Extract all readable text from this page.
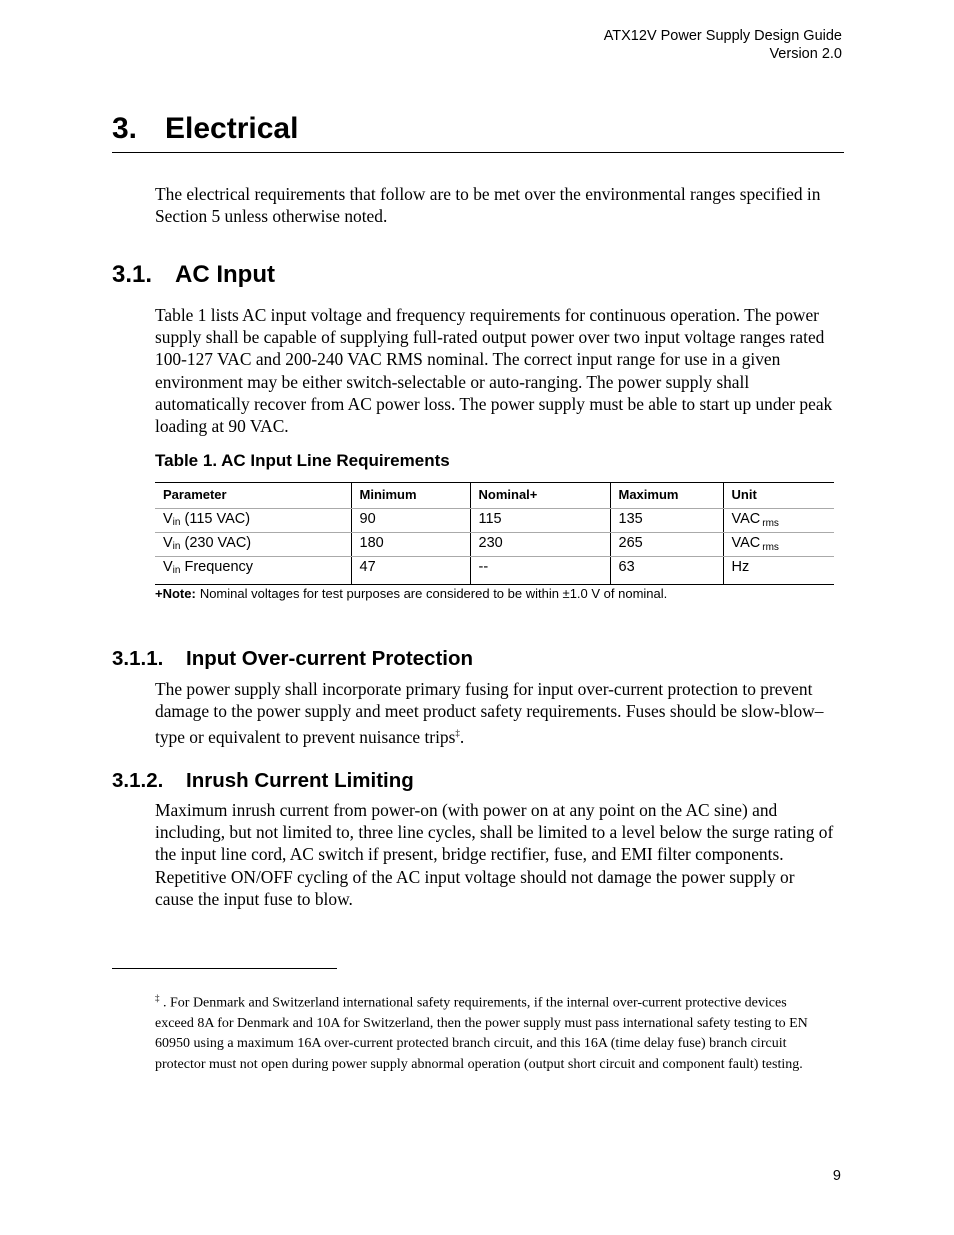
ATX12V Power Supply Design Guide
Version 2.0
3. Electrical

The electrical requirements that follow are to be met over the environmental ranges specified in Section 5 unless otherwise noted.

3.1. AC Input

Table 1 lists AC input voltage and frequency requirements for continuous operation. The power supply shall be capable of supplying full-rated output power over two input voltage ranges rated 100-127 VAC and 200-240 VAC RMS nominal. The correct input range for use in a given environment may be either switch-selectable or auto-ranging. The power supply shall automatically recover from AC power loss. The power supply must be able to start up under peak loading at 90 VAC.

Table 1. AC Input Line Requirements
Parameter	Minimum	Nominal+	Maximum	Unit
Vin (115 VAC)	90	115	135	VAC $_{rms}$
Vin (230 VAC)	180	230	265	VAC $_{rms}$
Vin Frequency	47	--	63	Hz
+Note: Nominal voltages for test purposes are considered to be within ±1.0 V of nominal.
3.1.1. Input Over-current Protection

The power supply shall incorporate primary fusing for input over-current protection to prevent damage to the power supply and meet product safety requirements. Fuses should be slow-blow–type or equivalent to prevent nuisance trips‡.

3.1.2. Inrush Current Limiting

Maximum inrush current from power-on (with power on at any point on the AC sine) and including, but not limited to, three line cycles, shall be limited to a level below the surge rating of the input line cord, AC switch if present, bridge rectifier, fuse, and EMI filter components. Repetitive ON/OFF cycling of the AC input voltage should not damage the power supply or cause the input fuse to blow.

‡ . For Denmark and Switzerland international safety requirements, if the internal over-current protective devices exceed 8A for Denmark and 10A for Switzerland, then the power supply must pass international safety testing to EN 60950 using a maximum 16A over-current protected branch circuit, and this 16A (time delay fuse) branch circuit protector must not open during power supply abnormal operation (output short circuit and component fault) testing.

9
